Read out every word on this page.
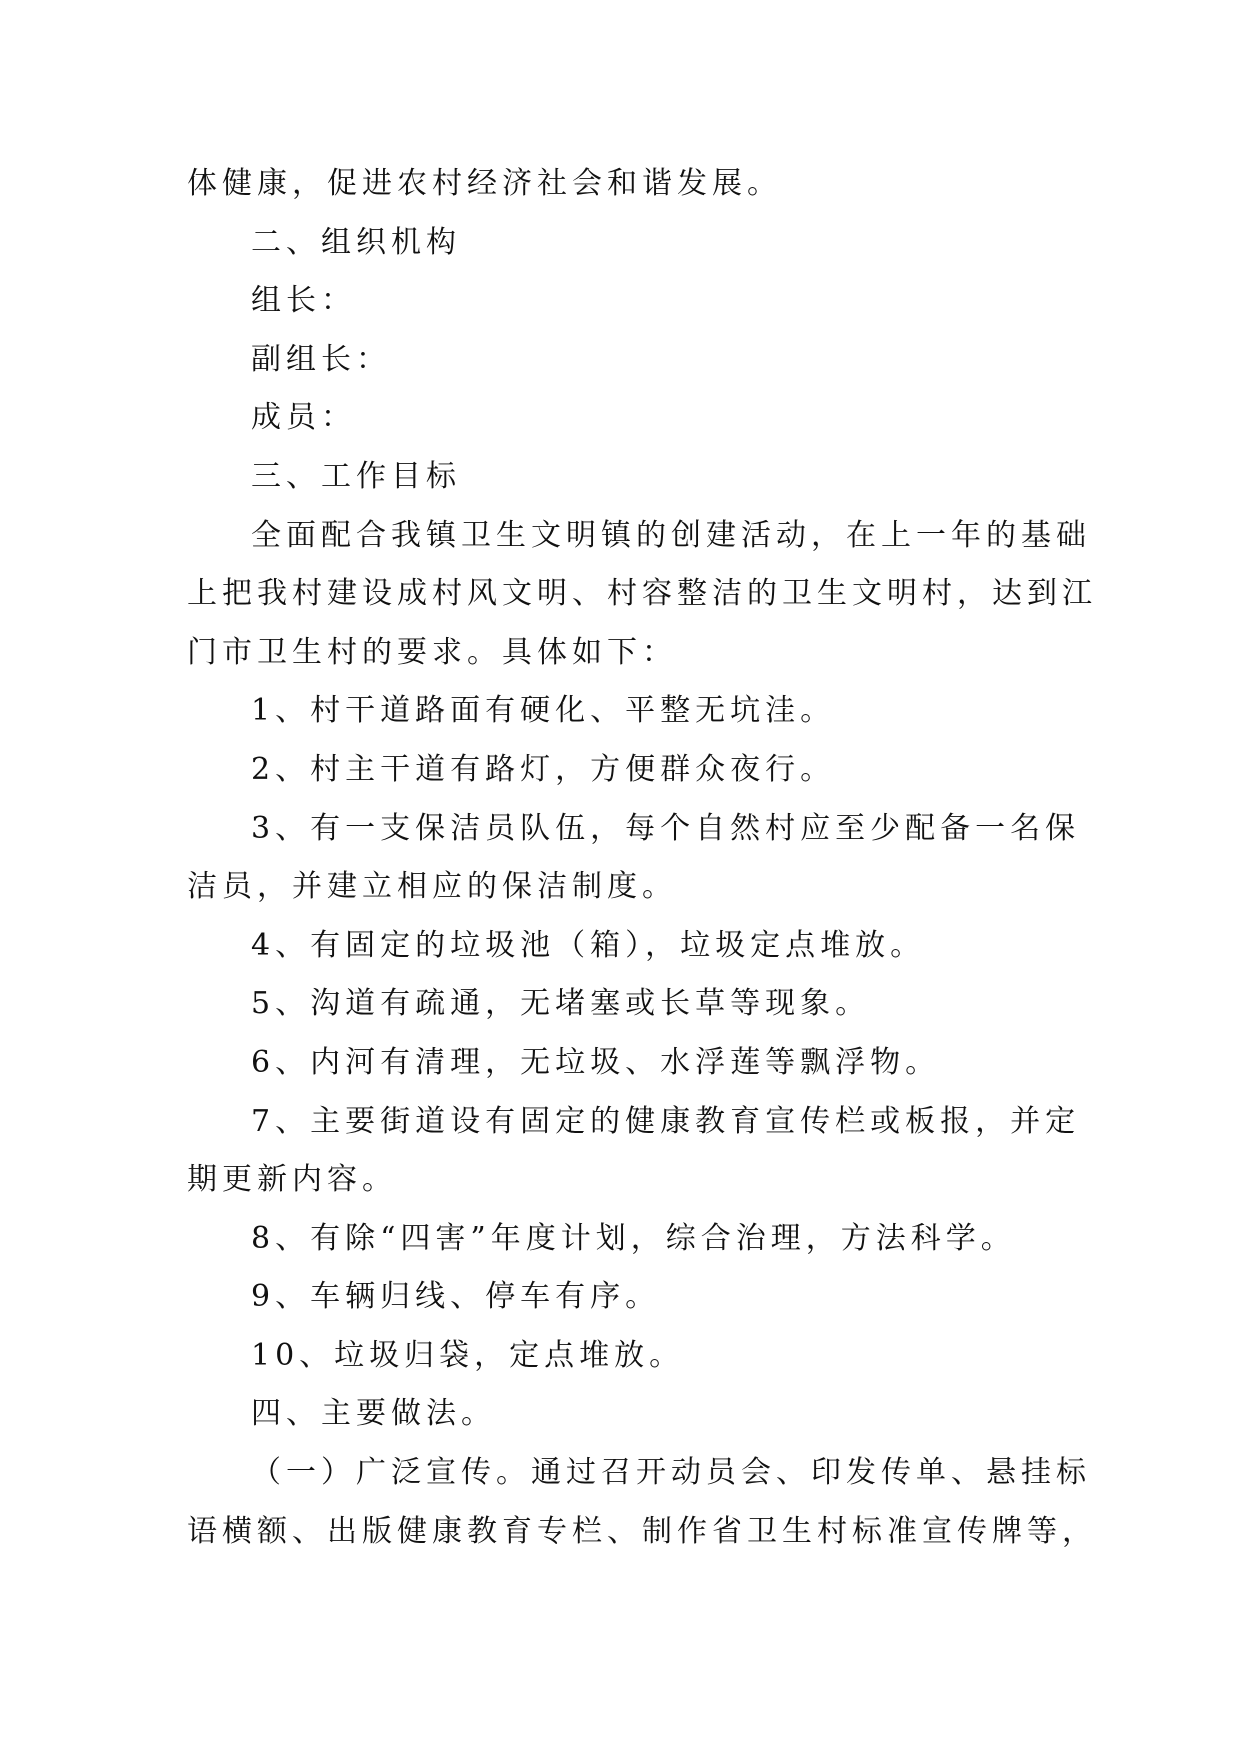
体健康，促进农村经济社会和谐发展。
二、组织机构
组长：
副组长：
成员：
三、工作目标
全面配合我镇卫生文明镇的创建活动，在上一年的基础
上把我村建设成村风文明、村容整洁的卫生文明村，达到江
门市卫生村的要求。具体如下：
1、村干道路面有硬化、平整无坑洼。
2、村主干道有路灯，方便群众夜行。
3、有一支保洁员队伍，每个自然村应至少配备一名保
洁员，并建立相应的保洁制度。
4、有固定的垃圾池（箱），垃圾定点堆放。
5、沟道有疏通，无堵塞或长草等现象。
6、内河有清理，无垃圾、水浮莲等飘浮物。
7、主要街道设有固定的健康教育宣传栏或板报，并定
期更新内容。
8、有除“四害”年度计划，综合治理，方法科学。
9、车辆归线、停车有序。
10、垃圾归袋，定点堆放。
四、主要做法。
（一）广泛宣传。通过召开动员会、印发传单、悬挂标
语横额、出版健康教育专栏、制作省卫生村标准宣传牌等，
